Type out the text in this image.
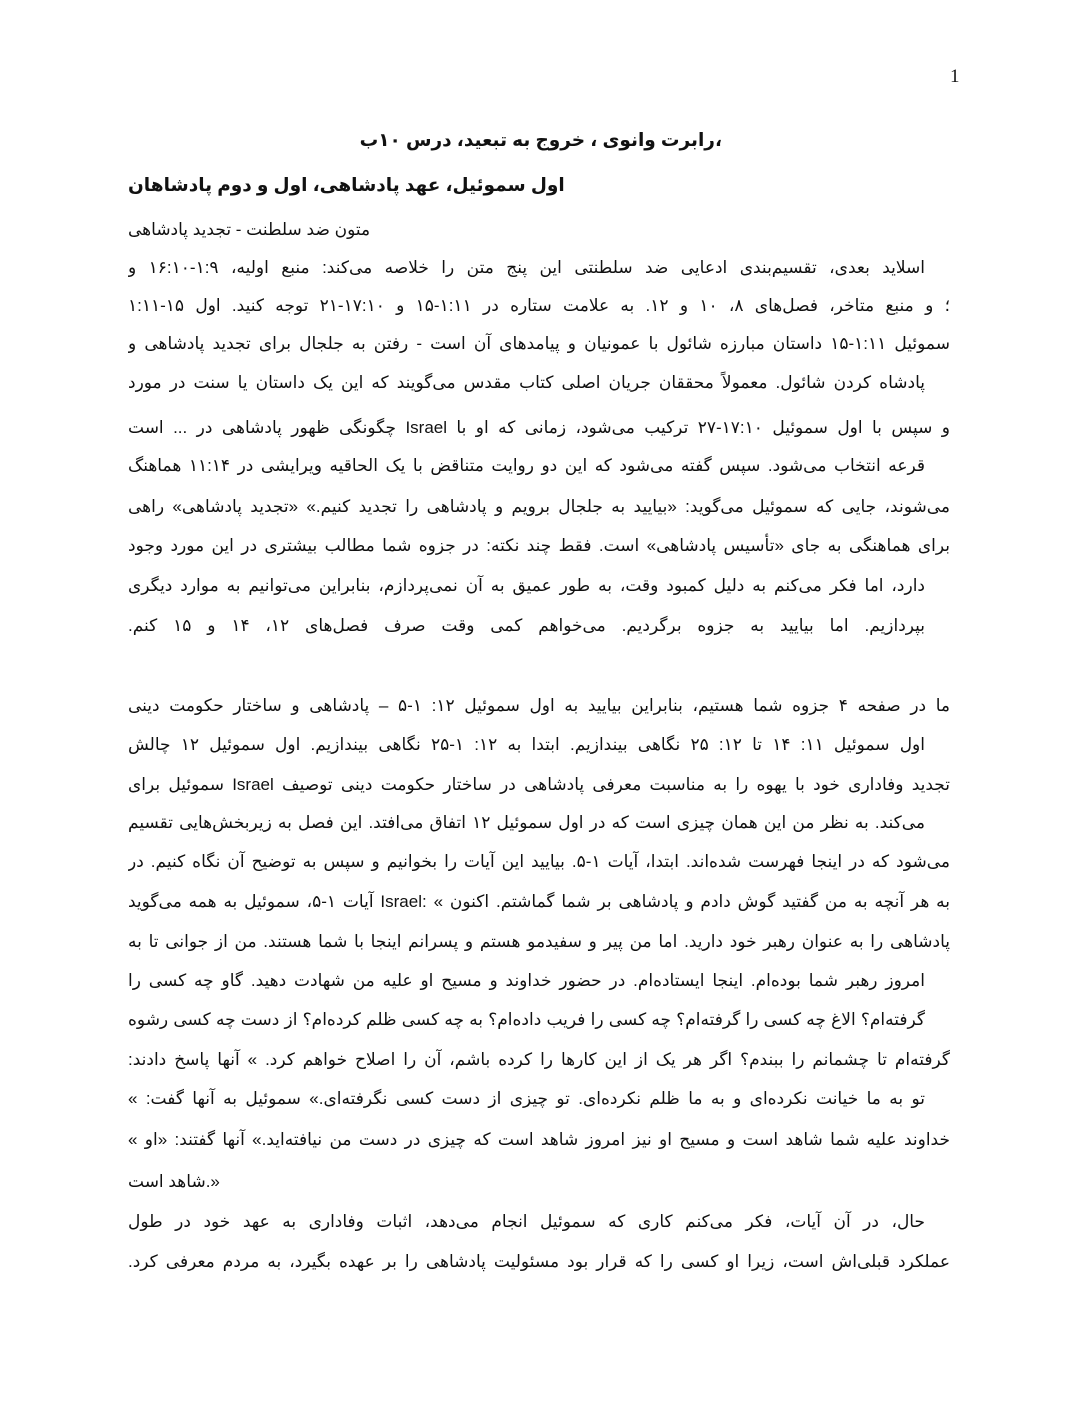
1
،رابرت وانوی ، خروج به تبعید، درس ۱۰ب
اول سموئیل، عهد پادشاهی، اول و دوم پادشاهان
متون ضد سلطنت - تجدید پادشاهی
اسلاید بعدی، تقسیم‌بندی ادعایی ضد سلطنتی این پنج متن را خلاصه می‌کند: منبع اولیه، ۱:۹-۱۶:۱۰ و
؛ و منبع متاخر، فصل‌های ۸، ۱۰ و ۱۲. به علامت ستاره در ۱:۱۱-۱۵ و ۱۷:۱۰-۲۱ توجه کنید. اول ۱۵-۱:۱۱
سموئیل ۱:۱۱-۱۵ داستان مبارزه شائول با عمونیان و پیامدهای آن است - رفتن به جلجال برای تجدید پادشاهی و
پادشاه کردن شائول. معمولاً محققان جریان اصلی کتاب مقدس می‌گویند که این یک داستان یا سنت در مورد
و سپس با اول سموئیل ۱۷:۱۰-۲۷ ترکیب می‌شود، زمانی که او با Israel چگونگی ظهور پادشاهی در ... است
قرعه انتخاب می‌شود. سپس گفته می‌شود که این دو روایت متناقض با یک الحاقیه ویرایشی در ۱۱:۱۴ هماهنگ
می‌شوند، جایی که سموئیل می‌گوید: «بیایید به جلجال برویم و پادشاهی را تجدید کنیم.» «تجدید پادشاهی» راهی
برای هماهنگی به جای «تأسیس پادشاهی» است. فقط چند نکته: در جزوه شما مطالب بیشتری در این مورد وجود
دارد، اما فکر می‌کنم به دلیل کمبود وقت، به طور عمیق به آن نمی‌پردازم، بنابراین می‌توانیم به موارد دیگری
بپردازیم. اما بیایید به جزوه برگردیم. می‌خواهم کمی وقت صرف فصل‌های ۱۲، ۱۴ و ۱۵ کنم.
ما در صفحه ۴ جزوه شما هستیم، بنابراین بیایید به اول سموئیل ۱۲: ۱-۵ – پادشاهی و ساختار حکومت دینی
اول سموئیل ۱۱: ۱۴ تا ۱۲: ۲۵ نگاهی بیندازیم. ابتدا به ۱۲: ۱-۲۵ نگاهی بیندازیم. اول سموئیل ۱۲ چالش
تجدید وفاداری خود با یهوه را به مناسبت معرفی پادشاهی در ساختار حکومت دینی توصیف Israel سموئیل برای
می‌کند. به نظر من این همان چیزی است که در اول سموئیل ۱۲ اتفاق می‌افتد. این فصل به زیربخش‌هایی تقسیم
می‌شود که در اینجا فهرست شده‌اند. ابتدا، آیات ۱-۵. بیایید این آیات را بخوانیم و سپس به توضیح آن نگاه کنیم. در
به هر آنچه به من گفتید گوش دادم و پادشاهی بر شما گماشتم. اکنون » :Israel آیات ۱-۵، سموئیل به همه می‌گوید
پادشاهی را به عنوان رهبر خود دارید. اما من پیر و سفیدمو هستم و پسرانم اینجا با شما هستند. من از جوانی تا به
امروز رهبر شما بوده‌ام. اینجا ایستاده‌ام. در حضور خداوند و مسیح او علیه من شهادت دهید. گاو چه کسی را
گرفته‌ام؟ الاغ چه کسی را گرفته‌ام؟ چه کسی را فریب داده‌ام؟ به چه کسی ظلم کرده‌ام؟ از دست چه کسی رشوه
گرفته‌ام تا چشمانم را ببندم؟ اگر هر یک از این کارها را کرده باشم، آن را اصلاح خواهم کرد. » آنها پاسخ دادند:
تو به ما خیانت نکرده‌ای و به ما ظلم نکرده‌ای. تو چیزی از دست کسی نگرفته‌ای.» سموئیل به آنها گفت: »
خداوند علیه شما شاهد است و مسیح او نیز امروز شاهد است که چیزی در دست من نیافته‌اید.» آنها گفتند: «او »
«.شاهد است
حال، در آن آیات، فکر می‌کنم کاری که سموئیل انجام می‌دهد، اثبات وفاداری به عهد خود در طول
عملکرد قبلی‌اش است، زیرا او کسی را که قرار بود مسئولیت پادشاهی را بر عهده بگیرد، به مردم معرفی کرد.
